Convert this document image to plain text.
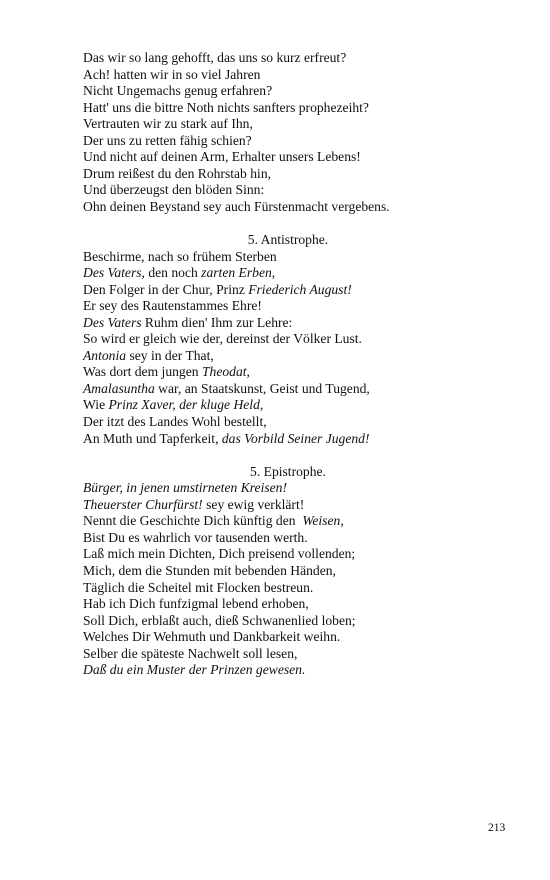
Das wir so lang gehofft, das uns so kurz erfreut?
Ach! hatten wir in so viel Jahren
Nicht Ungemachs genug erfahren?
Hatt' uns die bittre Noth nichts sanfters prophezeiht?
Vertrauten wir zu stark auf Ihn,
Der uns zu retten fähig schien?
Und nicht auf deinen Arm, Erhalter unsers Lebens!
Drum reißest du den Rohrstab hin,
Und überzeugst den blöden Sinn:
Ohn deinen Beystand sey auch Fürstenmacht vergebens.
5. Antistrophe.
Beschirme, nach so frühem Sterben
Des Vaters, den noch zarten Erben,
Den Folger in der Chur, Prinz Friederich August!
Er sey des Rautenstammes Ehre!
Des Vaters Ruhm dien' Ihm zur Lehre:
So wird er gleich wie der, dereinst der Völker Lust.
Antonia sey in der That,
Was dort dem jungen Theodat,
Amalasuntha war, an Staatskunst, Geist und Tugend,
Wie Prinz Xaver, der kluge Held,
Der itzt des Landes Wohl bestellt,
An Muth und Tapferkeit, das Vorbild Seiner Jugend!
5. Epistrophe.
Bürger, in jenen umstirneten Kreisen!
Theuerster Churfürst! sey ewig verklärt!
Nennt die Geschichte Dich künftig den  Weisen,
Bist Du es wahrlich vor tausenden werth.
Laß mich mein Dichten, Dich preisend vollenden;
Mich, dem die Stunden mit bebenden Händen,
Täglich die Scheitel mit Flocken bestreun.
Hab ich Dich funfzigmal lebend erhoben,
Soll Dich, erblaßt auch, dieß Schwanenlied loben;
Welches Dir Wehmuth und Dankbarkeit weihn.
Selber die späteste Nachwelt soll lesen,
Daß du ein Muster der Prinzen gewesen.
213
